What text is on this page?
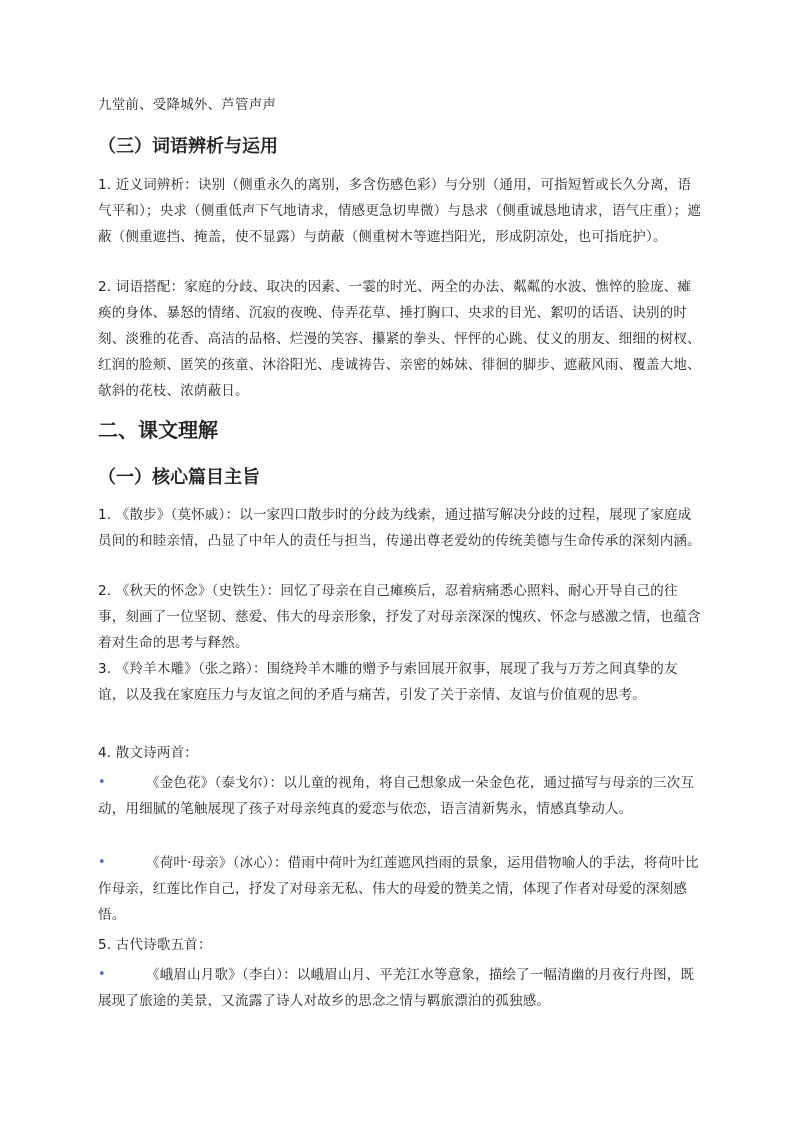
九堂前、受降城外、芦管声声

（三）词语辨析与运用

1. 近义词辨析：诀别（侧重永久的离别，多含伤感色彩）与分别（通用，可指短暂或长久分离，语气平和）；央求（侧重低声下气地请求，情感更急切卑微）与恳求（侧重诚恳地请求，语气庄重）；遮蔽（侧重遮挡、掩盖，使不显露）与荫蔽（侧重树木等遮挡阳光，形成阴凉处，也可指庇护）。

2. 词语搭配：家庭的分歧、取决的因素、一霎的时光、两全的办法、粼粼的水波、憔悴的脸庞、瘫痪的身体、暴怒的情绪、沉寂的夜晚、侍弄花草、捶打胸口、央求的目光、絮叨的话语、诀别的时刻、淡雅的花香、高洁的品格、烂漫的笑容、攥紧的拳头、怦怦的心跳、仗义的朋友、细细的树杈、红润的脸颊、匿笑的孩童、沐浴阳光、虔诚祷告、亲密的姊妹、徘徊的脚步、遮蔽风雨、覆盖大地、欹斜的花枝、浓荫蔽日。

二、课文理解

（一）核心篇目主旨

1. 《散步》（莫怀戚）：以一家四口散步时的分歧为线索，通过描写解决分歧的过程，展现了家庭成员间的和睦亲情，凸显了中年人的责任与担当，传递出尊老爱幼的传统美德与生命传承的深刻内涵。

2. 《秋天的怀念》（史铁生）：回忆了母亲在自己瘫痪后，忍着病痛悉心照料、耐心开导自己的往事，刻画了一位坚韧、慈爱、伟大的母亲形象，抒发了对母亲深深的愧疚、怀念与感激之情，也蕴含着对生命的思考与释然。

3. 《羚羊木雕》（张之路）：围绕羚羊木雕的赠予与索回展开叙事，展现了我与万芳之间真挚的友谊，以及我在家庭压力与友谊之间的矛盾与痛苦，引发了关于亲情、友谊与价值观的思考。

4. 散文诗两首：

•	《金色花》（泰戈尔）：以儿童的视角，将自己想象成一朵金色花，通过描写与母亲的三次互动，用细腻的笔触展现了孩子对母亲纯真的爱恋与依恋，语言清新隽永，情感真挚动人。

•	《荷叶·母亲》（冰心）：借雨中荷叶为红莲遮风挡雨的景象，运用借物喻人的手法，将荷叶比作母亲，红莲比作自己，抒发了对母亲无私、伟大的母爱的赞美之情，体现了作者对母爱的深刻感悟。

5. 古代诗歌五首：

•	《峨眉山月歌》（李白）：以峨眉山月、平羌江水等意象，描绘了一幅清幽的月夜行舟图，既展现了旅途的美景，又流露了诗人对故乡的思念之情与羁旅漂泊的孤独感。
